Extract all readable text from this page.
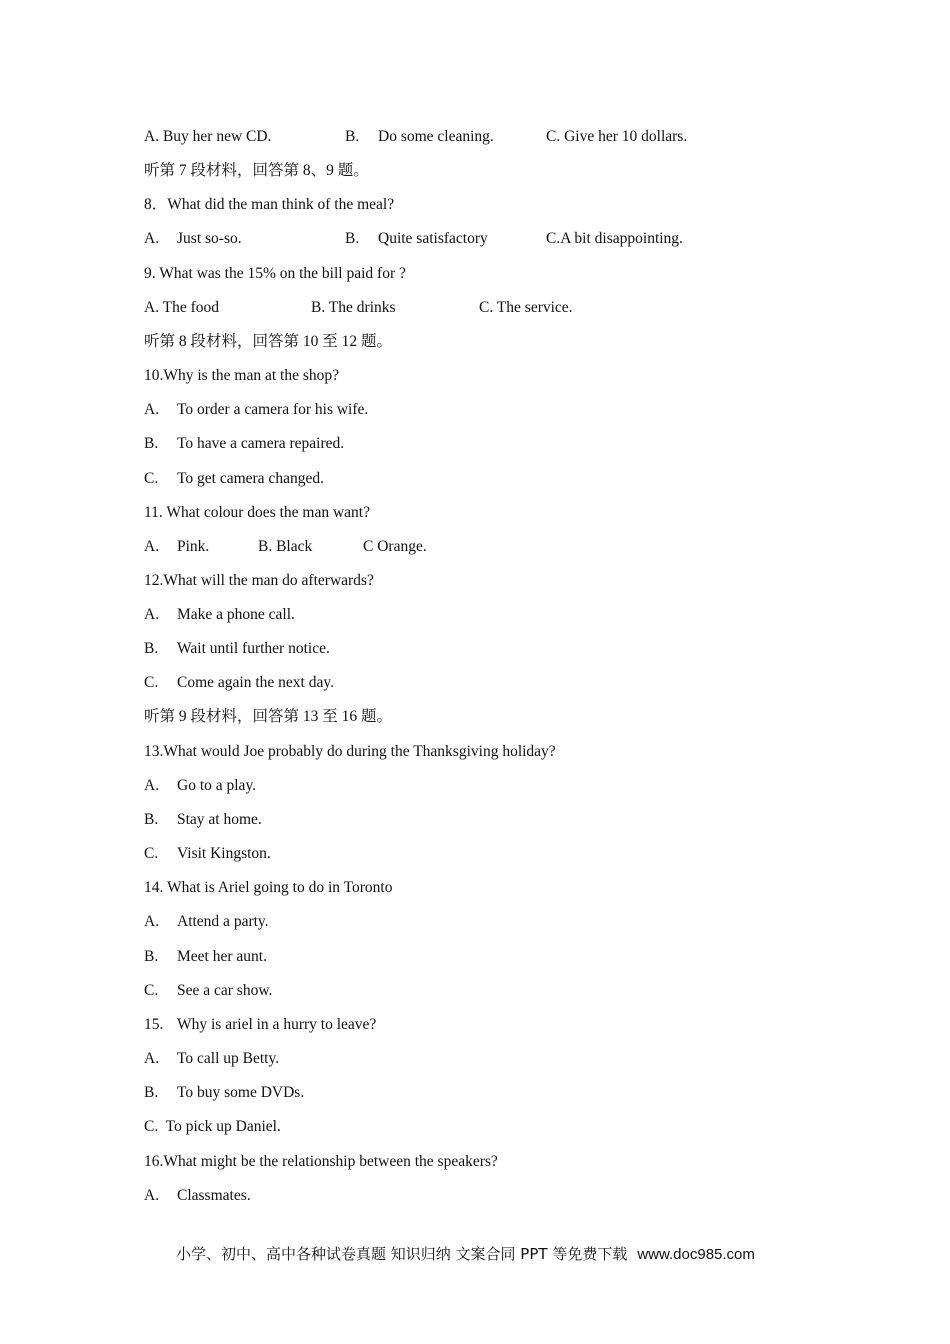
A. Buy her new CD.	B. Do some cleaning.	C. Give her 10 dollars.
听第 7 段材料，回答第 8、9 题。
8．What did the man think of the meal?
A. Just so-so.	B. Quite satisfactory	C.A bit disappointing.
9. What was the 15% on the bill paid for ?
A. The food	B. The drinks	C. The service.
听第 8 段材料，回答第 10 至 12 题。
10.Why is the man at the shop?
A. To order a camera for his wife.
B. To have a camera repaired.
C. To get camera changed.
11. What colour does the man want?
A. Pink.	B. Black	C Orange.
12.What will the man do afterwards?
A. Make a phone call.
B. Wait until further notice.
C. Come again the next day.
听第 9 段材料，回答第 13 至 16 题。
13.What would Joe probably do during the Thanksgiving holiday?
A. Go to a play.
B. Stay at home.
C. Visit Kingston.
14. What is Ariel going to do in Toronto
A. Attend a party.
B. Meet her aunt.
C. See a car show.
15. Why is ariel in a hurry to leave?
A. To call up Betty.
B. To buy some DVDs.
C.  To pick up Daniel.
16.What might be the relationship between the speakers?
A. Classmates.
小学、初中、高中各种试卷真题 知识归纳 文案合同 PPT 等免费下载 www.doc985.com
